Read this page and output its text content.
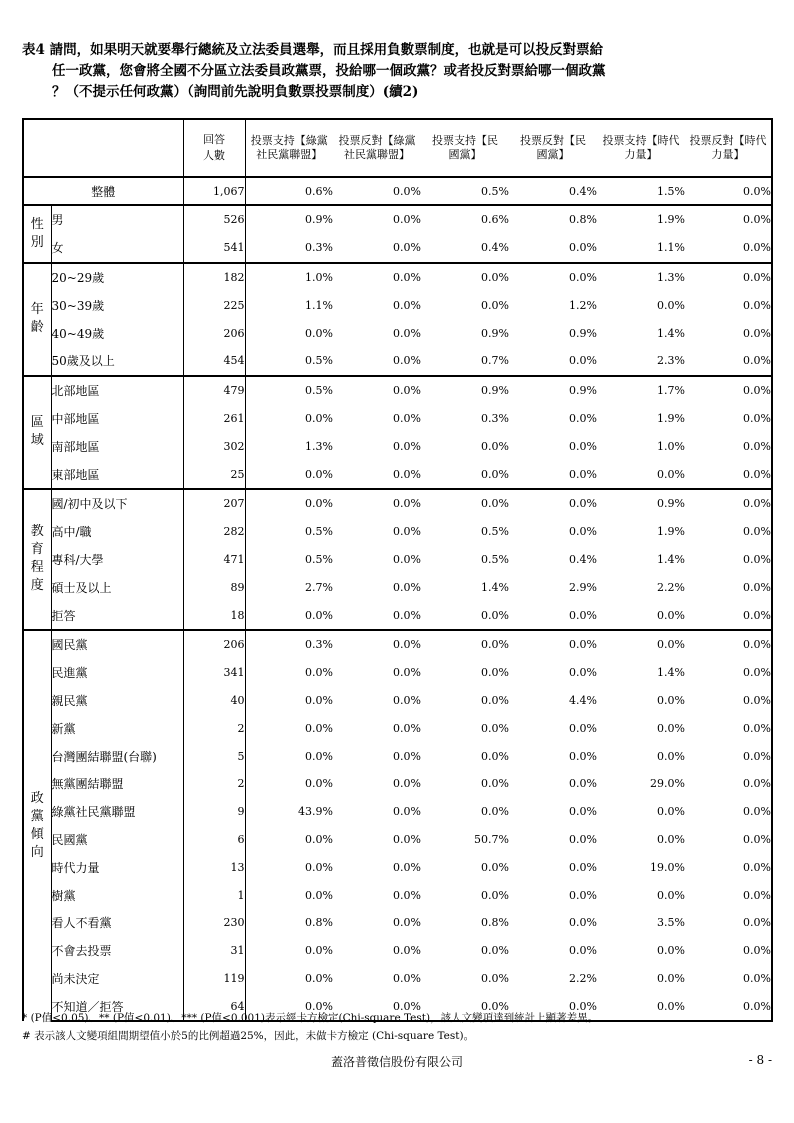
表4 請問，如果明天就要舉行總統及立法委員選舉，而且採用負數票制度，也就是可以投反對票給
任一政黨，您會將全國不分區立法委員政黨票，投給哪一個政黨？或者投反對票給哪一個政黨
？（不提示任何政黨）（詢問前先說明負數票投票制度）(續2)
		回答人數	投票支持【綠黨社民黨聯盟】	投票反對【綠黨社民黨聯盟】	投票支持【民國黨】	投票反對【民國黨】	投票支持【時代力量】	投票反對【時代力量】
整體		1,067	0.6%	0.0%	0.5%	0.4%	1.5%	0.0%
性別	男	526	0.9%	0.0%	0.6%	0.8%	1.9%	0.0%
	女	541	0.3%	0.0%	0.4%	0.0%	1.1%	0.0%
年齡	20~29歲	182	1.0%	0.0%	0.0%	0.0%	1.3%	0.0%
	30~39歲	225	1.1%	0.0%	0.0%	1.2%	0.0%	0.0%
	40~49歲	206	0.0%	0.0%	0.9%	0.9%	1.4%	0.0%
	50歲及以上	454	0.5%	0.0%	0.7%	0.0%	2.3%	0.0%
區域	北部地區	479	0.5%	0.0%	0.9%	0.9%	1.7%	0.0%
	中部地區	261	0.0%	0.0%	0.3%	0.0%	1.9%	0.0%
	南部地區	302	1.3%	0.0%	0.0%	0.0%	1.0%	0.0%
	東部地區	25	0.0%	0.0%	0.0%	0.0%	0.0%	0.0%
教育程度	國/初中及以下	207	0.0%	0.0%	0.0%	0.0%	0.9%	0.0%
	高中/職	282	0.5%	0.0%	0.5%	0.0%	1.9%	0.0%
	專科/大學	471	0.5%	0.0%	0.5%	0.4%	1.4%	0.0%
	碩士及以上	89	2.7%	0.0%	1.4%	2.9%	2.2%	0.0%
	拒答	18	0.0%	0.0%	0.0%	0.0%	0.0%	0.0%
政黨傾向	國民黨	206	0.3%	0.0%	0.0%	0.0%	0.0%	0.0%
	民進黨	341	0.0%	0.0%	0.0%	0.0%	1.4%	0.0%
	親民黨	40	0.0%	0.0%	0.0%	4.4%	0.0%	0.0%
	新黨	2	0.0%	0.0%	0.0%	0.0%	0.0%	0.0%
	台灣團結聯盟(台聯)	5	0.0%	0.0%	0.0%	0.0%	0.0%	0.0%
	無黨團結聯盟	2	0.0%	0.0%	0.0%	0.0%	29.0%	0.0%
	綠黨社民黨聯盟	9	43.9%	0.0%	0.0%	0.0%	0.0%	0.0%
	民國黨	6	0.0%	0.0%	50.7%	0.0%	0.0%	0.0%
	時代力量	13	0.0%	0.0%	0.0%	0.0%	19.0%	0.0%
	樹黨	1	0.0%	0.0%	0.0%	0.0%	0.0%	0.0%
	看人不看黨	230	0.8%	0.0%	0.8%	0.0%	3.5%	0.0%
	不會去投票	31	0.0%	0.0%	0.0%	0.0%	0.0%	0.0%
	尚未決定	119	0.0%	0.0%	0.0%	2.2%	0.0%	0.0%
	不知道／拒答	64	0.0%	0.0%	0.0%	0.0%	0.0%	0.0%
* (P值<0.05)、** (P值<0.01)、*** (P值<0.001)表示經卡方檢定(Chi-square Test)，該人文變項達到統計上顯著差異。
# 表示該人文變項組間期望值小於5的比例超過25%，因此，未做卡方檢定 (Chi-square Test)。
蓋洛普徵信股份有限公司	- 8 -
